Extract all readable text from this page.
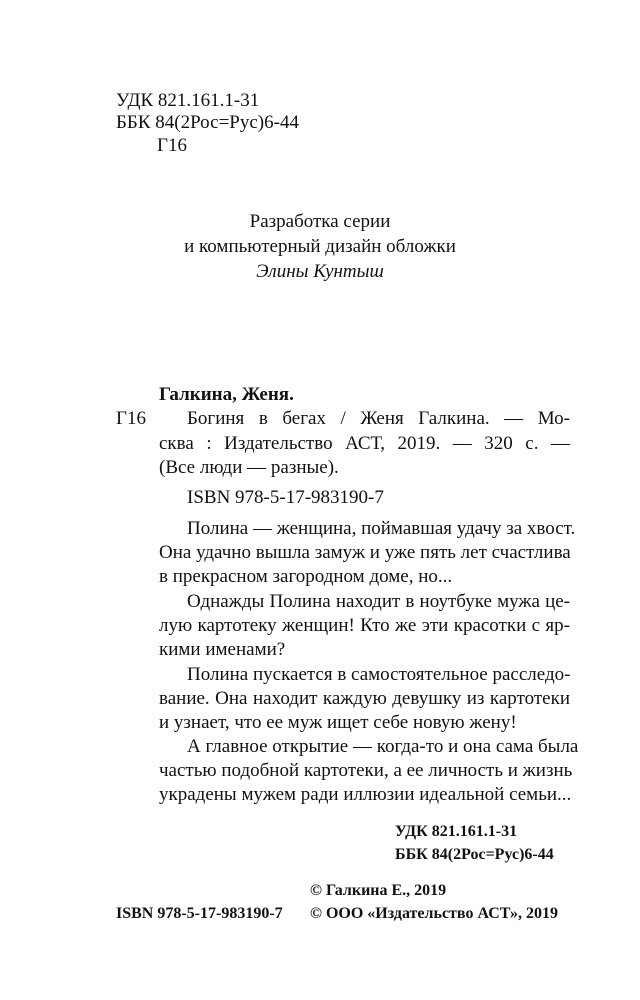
УДК 821.161.1-31
ББК 84(2Рос=Рус)6-44
Г16
Разработка серии
и компьютерный дизайн обложки
Элины Кунтыш
Галкина, Женя.
Г16 Богиня в бегах / Женя Галкина. — Мо-
сква : Издательство АСТ, 2019. — 320 с. —
(Все люди — разные).
ISBN 978-5-17-983190-7
Полина — женщина, поймавшая удачу за хвост.
Она удачно вышла замуж и уже пять лет счастлива
в прекрасном загородном доме, но...
Однажды Полина находит в ноутбуке мужа це-
лую картотеку женщин! Кто же эти красотки с яр-
кими именами?
Полина пускается в самостоятельное расследо-
вание. Она находит каждую девушку из картотеки
и узнает, что ее муж ищет себе новую жену!
А главное открытие — когда-то и она сама была
частью подобной картотеки, а ее личность и жизнь
украдены мужем ради иллюзии идеальной семьи...
УДК 821.161.1-31
ББК 84(2Рос=Рус)6-44
© Галкина Е., 2019
ISBN 978-5-17-983190-7 © ООО «Издательство АСТ», 2019
